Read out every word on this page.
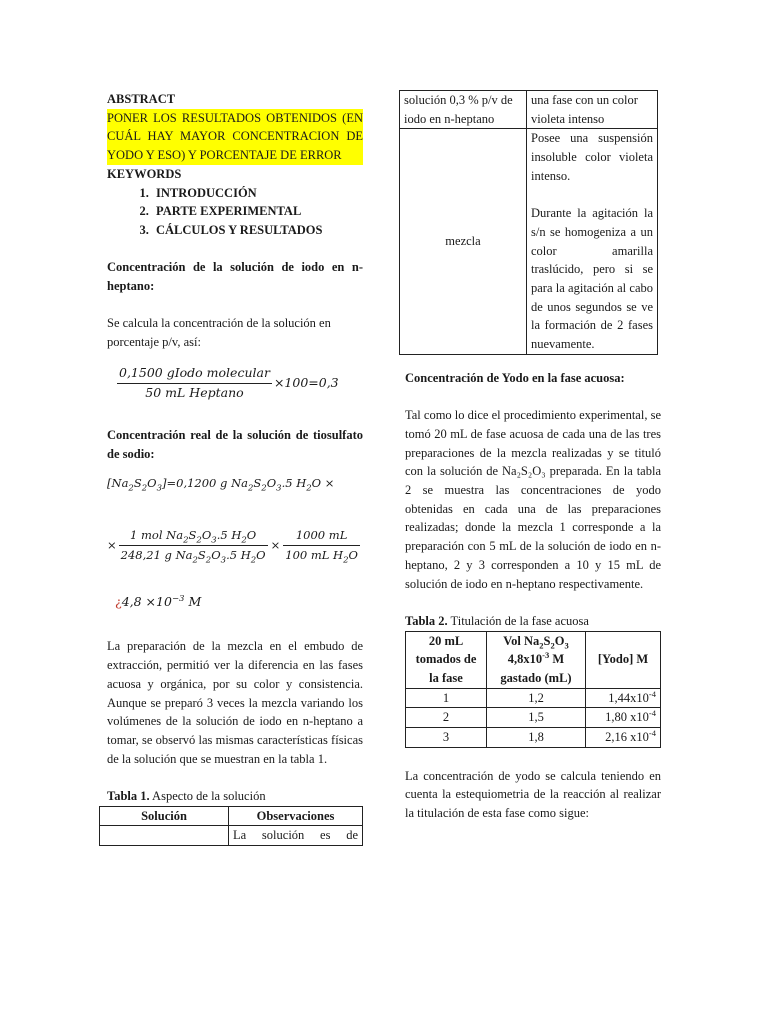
ABSTRACT
PONER LOS RESULTADOS OBTENIDOS (EN CUÁL HAY MAYOR CONCENTRACION DE YODO Y ESO) Y PORCENTAJE DE ERROR
KEYWORDS
1. INTRODUCCIÓN
2. PARTE EXPERIMENTAL
3. CÁLCULOS Y RESULTADOS
Concentración de la solución de iodo en n-heptano:
Se calcula la concentración de la solución en porcentaje p/v, así:
$\frac{\text{0,1500 gIodo molecular}}{\text{50 mL Heptano}} \times 100=0,3$
Concentración real de la solución de tiosulfato de sodio:
$[Na_2S_2O_3]=0,1200$ g $Na_2S_2O_3.5$ $H_2O$ ×
× $\frac{1 mol Na_2S_2O_3.5 H_2O}{248,21 g Na_2S_2O_3.5 H_2O} \times \frac{1000 mL}{100 mL H_2O}$
¿$4,8 \times 10^{-3}$ M
La preparación de la mezcla en el embudo de extracción, permitió ver la diferencia en las fases acuosa y orgánica, por su color y consistencia. Aunque se preparó 3 veces la mezcla variando los volúmenes de la solución de iodo en n-heptano a tomar, se observó las mismas características físicas de la solución que se muestran en la tabla 1.
Tabla 1. Aspecto de la solución
Solución	Observaciones
	La solución es de
solución 0,3 % p/v de iodo en n-heptano	una fase con un color violeta intenso
mezcla	Posee una suspensión insoluble color violeta intenso.
Durante la agitación la s/n se homogeniza a un color amarilla traslúcido, pero si se para la agitación al cabo de unos segundos se ve la formación de 2 fases nuevamente.
Concentración de Yodo en la fase acuosa:
Tal como lo dice el procedimiento experimental, se tomó 20 mL de fase acuosa de cada una de las tres preparaciones de la mezcla realizadas y se tituló con la solución de Na₂S₂O₃ preparada. En la tabla 2 se muestra las concentraciones de yodo obtenidas en cada una de las preparaciones realizadas; donde la mezcla 1 corresponde a la preparación con 5 mL de la solución de iodo en n-heptano, 2 y 3 corresponden a 10 y 15 mL de solución de iodo en n-heptano respectivamente.
Tabla 2. Titulación de la fase acuosa
20 mL tomados de la fase	Vol $Na_2S_2O_3$ $4,8x10^{-3}$ M gastado (mL)	[Yodo] M
1	1,2	$1,44x10^{-4}$
2	1,5	1,80 $x10^{-4}$
3	1,8	2,16 $x10^{-4}$
La concentración de yodo se calcula teniendo en cuenta la estequiometria de la reacción al realizar la titulación de esta fase como sigue:
